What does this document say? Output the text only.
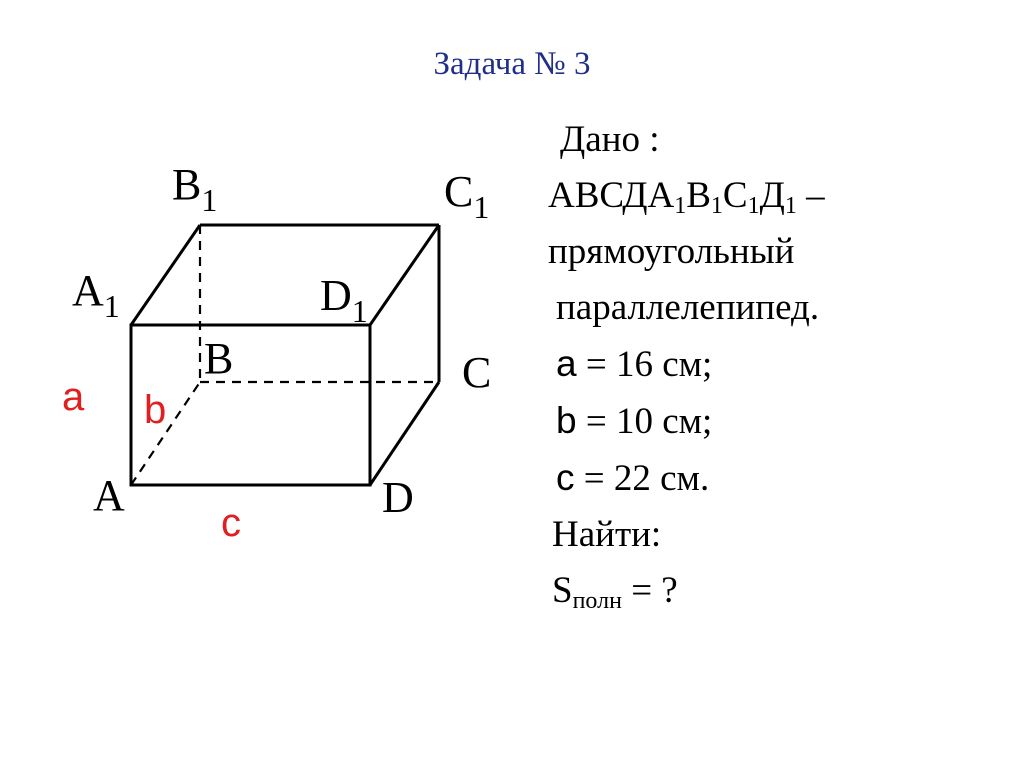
Задача № 3
$B_1$	$C_1$
$A_1$	$D_1$
B	C
A	D
a b
c
Дано :
$АВСДА_1В_1С_1Д_1$ –
прямоугольный
параллелепипед.
a = 16 см;
b = 10 см;
c = 22 см.
Найти:
$S_{полн}$ = ?
